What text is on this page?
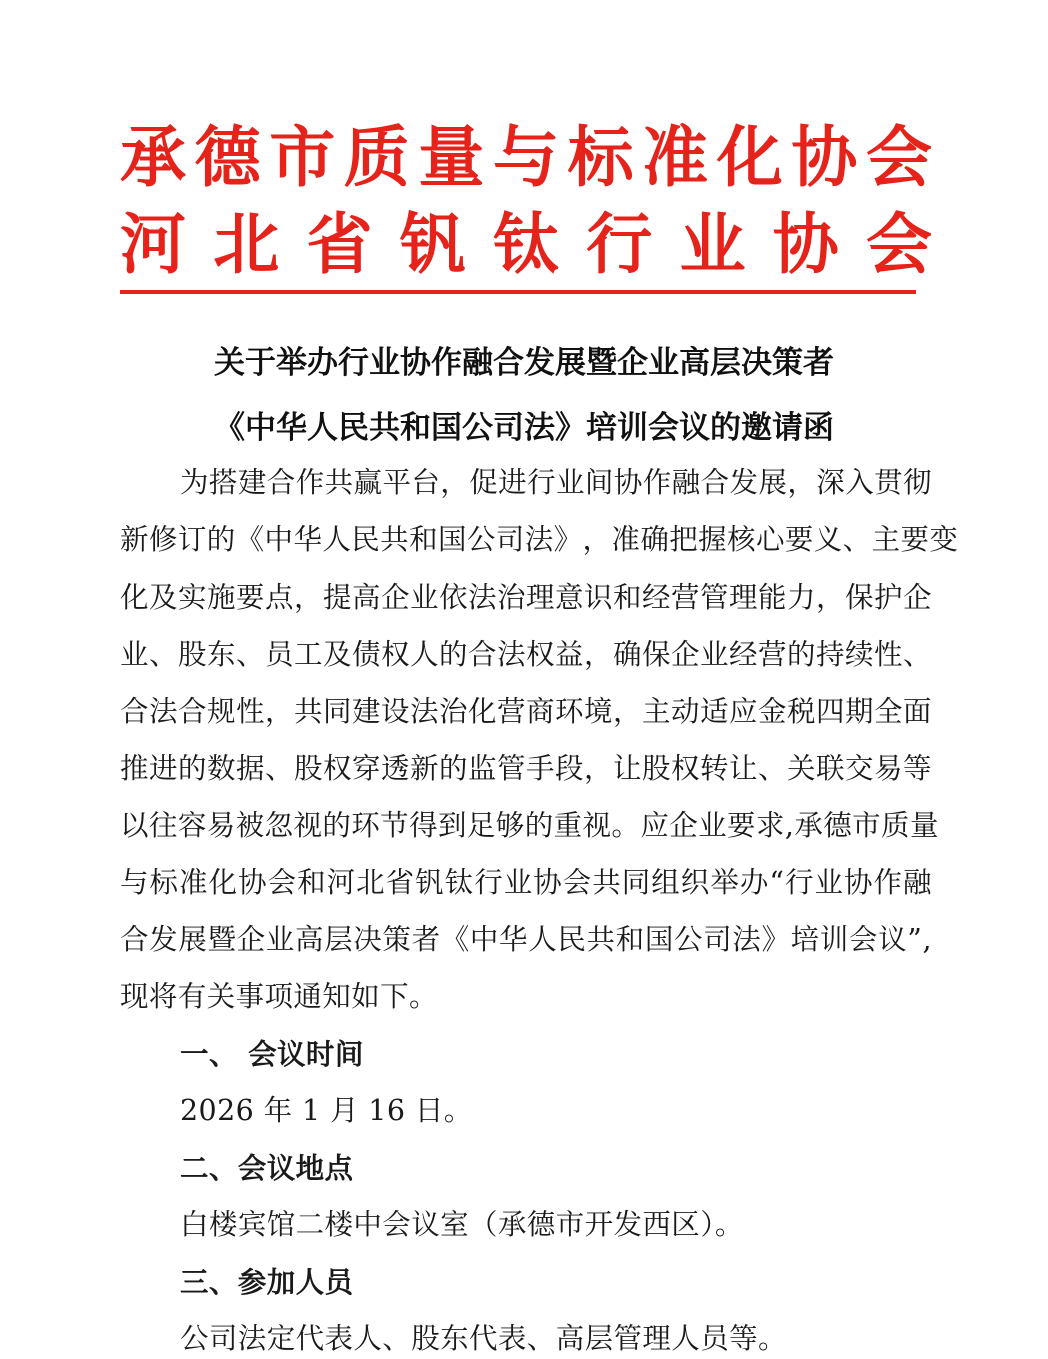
承 德 市 质 量 与 标 准 化 协 会
河 北 省 钒 钛 行 业 协 会
关于举办行业协作融合发展暨企业高层决策者
《中华人民共和国公司法》培训会议的邀请函
为 搭 建 合 作 共 赢 平 台 ， 促 进 行 业 间 协 作 融 合 发 展 ， 深 入 贯 彻
新 修 订 的 《 中 华 人 民 共 和 国 公 司 法 》 ， 准 确 把 握 核 心 要 义 、 主 要 变
化 及 实 施 要 点 ， 提 高 企 业 依 法 治 理 意 识 和 经 营 管 理 能 力 ， 保 护 企
业 、 股 东 、 员 工 及 债 权 人 的 合 法 权 益 ， 确 保 企 业 经 营 的 持 续 性 、
合 法 合 规 性 ， 共 同 建 设 法 治 化 营 商 环 境 ， 主 动 适 应 金 税 四 期 全 面
推 进 的 数 据 、 股 权 穿 透 新 的 监 管 手 段 ， 让 股 权 转 让 、 关 联 交 易 等
以 往 容 易 被 忽 视 的 环 节 得 到 足 够 的 重 视 。 应 企 业 要 求 , 承 德 市 质 量
与 标 准 化 协 会 和 河 北 省 钒 钛 行 业 协 会 共 同 组 织 举 办 “ 行 业 协 作 融
合 发 展 暨 企 业 高 层 决 策 者 《 中 华 人 民 共 和 国 公 司 法 》 培 训 会 议 ” ,
现将有关事项通知如下。
一、 会议时间
2026 年 1 月 16 日。
二、会议地点
白楼宾馆二楼中会议室（承德市开发西区）。
三、参加人员
公司法定代表人、股东代表、高层管理人员等。
